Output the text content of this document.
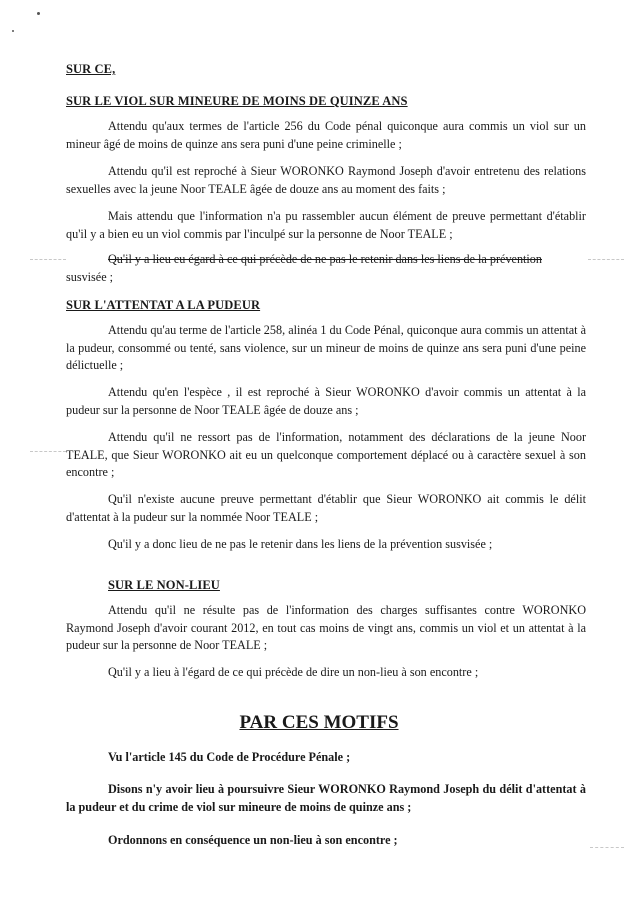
SUR CE,
SUR LE VIOL SUR MINEURE DE MOINS DE QUINZE ANS
Attendu qu'aux termes de l'article 256 du Code pénal quiconque aura commis un viol sur un mineur âgé de moins de quinze ans sera puni d'une peine criminelle ;
Attendu qu'il est reproché à Sieur WORONKO Raymond Joseph d'avoir entretenu des relations sexuelles avec la jeune Noor TEALE âgée de douze ans au moment des faits ;
Mais attendu que l'information n'a pu rassembler aucun élément de preuve permettant d'établir qu'il y a bien eu un viol commis par l'inculpé sur la personne de Noor TEALE ;
Qu'il y a lieu eu égard à ce qui précède de ne pas le retenir dans les liens de la prévention
susvisée ;
SUR L'ATTENTAT A LA PUDEUR
Attendu qu'au terme de l'article 258, alinéa 1 du Code Pénal, quiconque aura commis un attentat à la pudeur, consommé ou tenté, sans violence, sur un mineur de moins de quinze ans sera puni d'une peine délictuelle ;
Attendu qu'en l'espèce , il est reproché à Sieur WORONKO d'avoir commis un attentat à la pudeur sur la personne de Noor TEALE âgée de douze ans ;
Attendu qu'il ne ressort pas de l'information, notamment des déclarations de la jeune Noor TEALE, que Sieur WORONKO ait eu un quelconque comportement déplacé ou à caractère sexuel à son encontre ;
Qu'il n'existe aucune preuve permettant d'établir que Sieur WORONKO ait commis le délit d'attentat à la pudeur sur la nommée Noor TEALE ;
Qu'il y a donc lieu de ne pas le retenir dans les liens de la prévention susvisée ;
SUR LE NON-LIEU
Attendu qu'il ne résulte pas de l'information des charges suffisantes contre WORONKO Raymond Joseph d'avoir courant 2012, en tout cas moins de vingt ans, commis un viol et un attentat à la pudeur sur la personne de Noor TEALE ;
Qu'il y a lieu à l'égard de ce qui précède de dire un non-lieu à son encontre ;
PAR CES MOTIFS
Vu l'article 145 du Code de Procédure Pénale ;
Disons n'y avoir lieu à poursuivre Sieur WORONKO Raymond Joseph du délit d'attentat à la pudeur et du crime de viol sur mineure de moins de quinze ans ;
Ordonnons en conséquence un non-lieu à son encontre ;
